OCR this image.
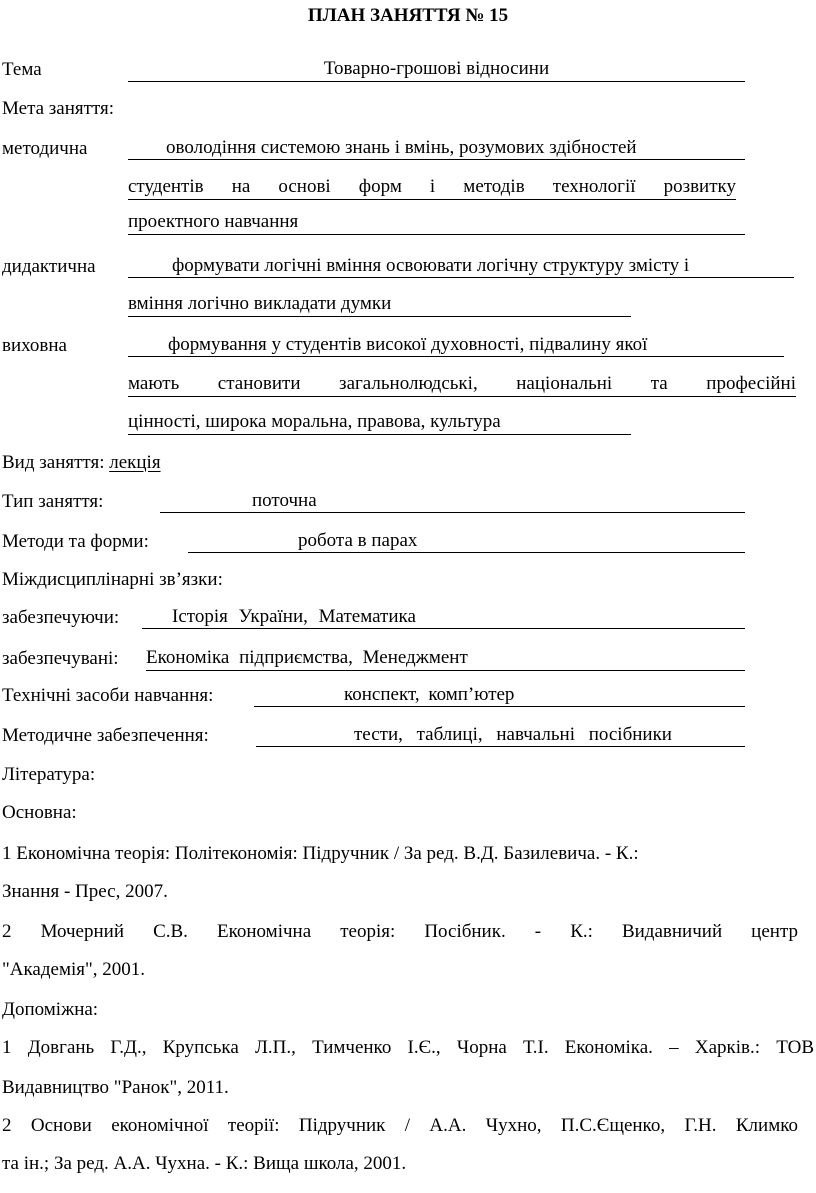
ПЛАН ЗАНЯТТЯ № 15
Тема	Товарно-грошові відносини
Мета заняття:
методична	оволодіння системою знань і вмінь, розумових здібностей
студентів на основі форм і методів технології розвитку
проектного навчання
дидактична	формувати логічні вміння освоювати логічну структуру змісту і
вміння логічно викладати думки
виховна	формування у студентів високої духовності, підвалину якої
мають становити загальнолюдські, національні та професійні
цінності, широка моральна, правова, культура
Вид заняття: лекція
Тип заняття:	поточна
Методи та форми:	робота в парах
Міждисциплінарні зв’язки:
забезпечуючи:	Історія України, Математика
забезпечувані: Економіка підприємства, Менеджмент
Технічні засоби навчання:	конспект, комп’ютер
Методичне забезпечення:	тести, таблиці, навчальні посібники
Література:
Основна:
1 Економічна теорія: Політекономія: Підручник / За ред. В.Д. Базилевича. - К.:
Знання - Прес, 2007.
2 Мочерний С.В. Економічна теорія: Посібник. - К.: Видавничий центр
"Академія", 2001.
Допоміжна:
1 Довгань Г.Д., Крупська Л.П., Тимченко І.Є., Чорна Т.І. Економіка. – Харків.: ТОВ
Видавництво "Ранок", 2011.
2 Основи економічної теорії: Підручник / А.А. Чухно, П.С.Єщенко, Г.Н. Климко
та ін.; За ред. А.А. Чухна. - К.: Вища школа, 2001.
